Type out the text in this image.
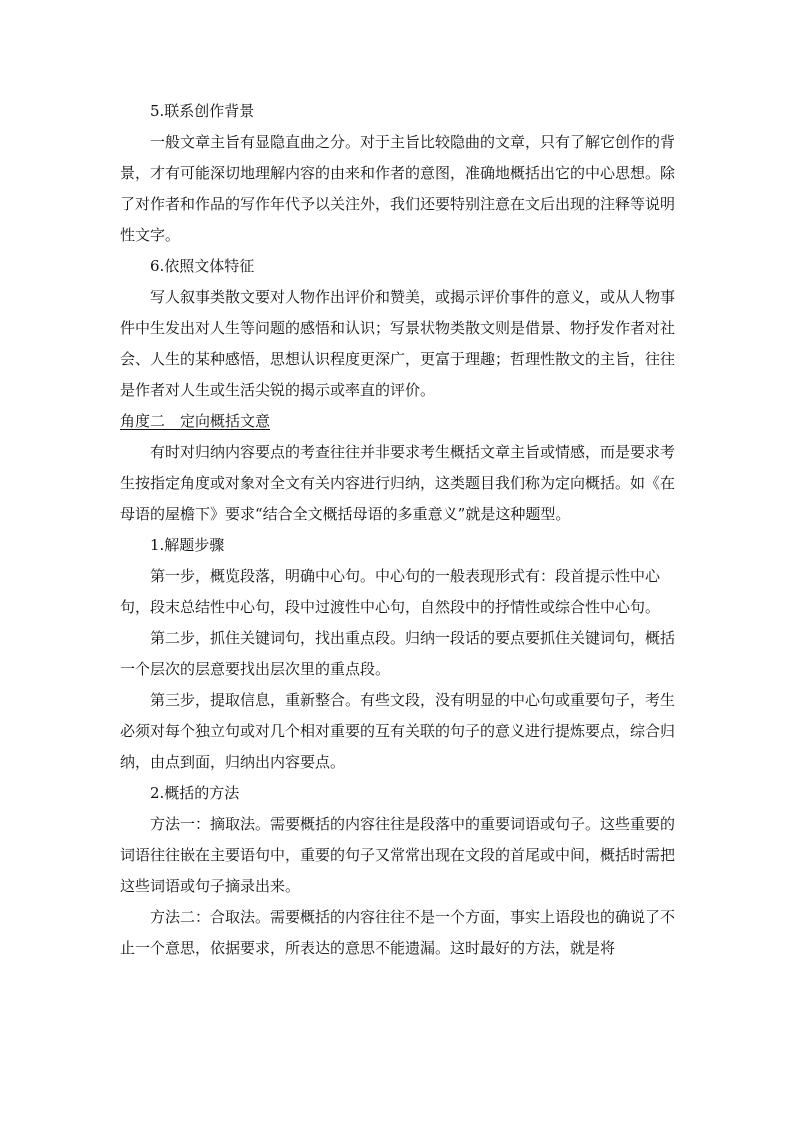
5.联系创作背景

一般文章主旨有显隐直曲之分。对于主旨比较隐曲的文章，只有了解它创作的背景，才有可能深切地理解内容的由来和作者的意图，准确地概括出它的中心思想。除了对作者和作品的写作年代予以关注外，我们还要特别注意在文后出现的注释等说明性文字。

6.依照文体特征

写人叙事类散文要对人物作出评价和赞美，或揭示评价事件的意义，或从人物事件中生发出对人生等问题的感悟和认识；写景状物类散文则是借景、物抒发作者对社会、人生的某种感悟，思想认识程度更深广，更富于理趣；哲理性散文的主旨，往往是作者对人生或生活尖锐的揭示或率直的评价。

角度二　定向概括文意

有时对归纳内容要点的考查往往并非要求考生概括文章主旨或情感，而是要求考生按指定角度或对象对全文有关内容进行归纳，这类题目我们称为定向概括。如《在母语的屋檐下》要求“结合全文概括母语的多重意义”就是这种题型。

1.解题步骤

第一步，概览段落，明确中心句。中心句的一般表现形式有：段首提示性中心句，段末总结性中心句，段中过渡性中心句，自然段中的抒情性或综合性中心句。

第二步，抓住关键词句，找出重点段。归纳一段话的要点要抓住关键词句，概括一个层次的层意要找出层次里的重点段。

第三步，提取信息，重新整合。有些文段，没有明显的中心句或重要句子，考生必须对每个独立句或对几个相对重要的互有关联的句子的意义进行提炼要点，综合归纳，由点到面，归纳出内容要点。

2.概括的方法

方法一：摘取法。需要概括的内容往往是段落中的重要词语或句子。这些重要的词语往往嵌在主要语句中，重要的句子又常常出现在文段的首尾或中间，概括时需把这些词语或句子摘录出来。

方法二：合取法。需要概括的内容往往不是一个方面，事实上语段也的确说了不止一个意思，依据要求，所表达的意思不能遗漏。这时最好的方法，就是将
